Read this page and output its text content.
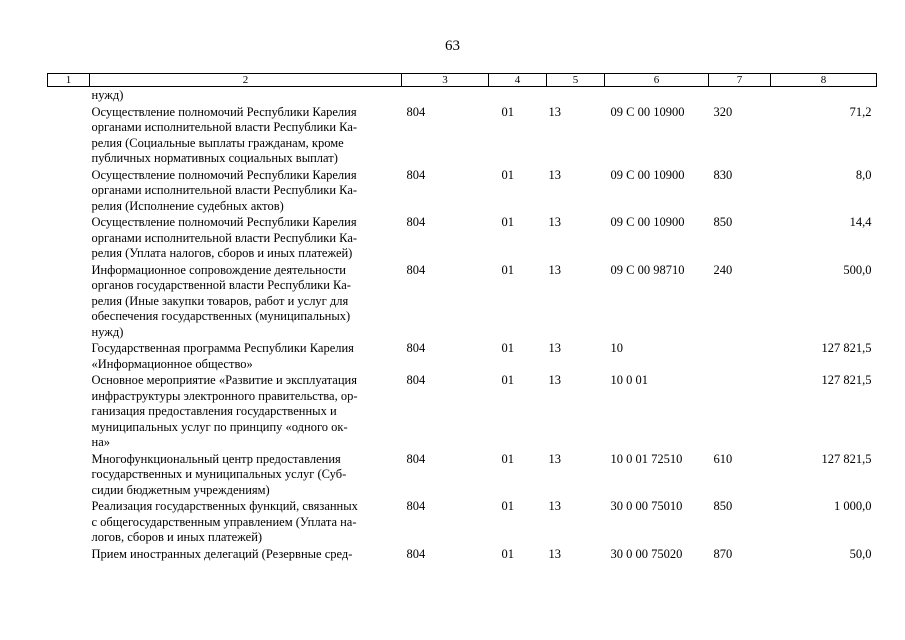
63
1	2	3	4	5	6	7	8

	нужд)						

	Осуществление полномочий Республики Карелия
органами исполнительной власти Республики Ка-
релия (Социальные выплаты гражданам, кроме
публичных нормативных социальных выплат)	804	01	13	09 С 00 10900	320	71,2

	Осуществление полномочий Республики Карелия
органами исполнительной власти Республики Ка-
релия (Исполнение судебных актов)	804	01	13	09 С 00 10900	830	8,0

	Осуществление полномочий Республики Карелия
органами исполнительной власти Республики Ка-
релия (Уплата налогов, сборов и иных платежей)	804	01	13	09 С 00 10900	850	14,4

	Информационное сопровождение деятельности
органов государственной власти Республики Ка-
релия (Иные закупки товаров, работ и услуг для
обеспечения государственных (муниципальных)
нужд)	804	01	13	09 С 00 98710	240	500,0

	Государственная программа Республики Карелия
«Информационное общество»	804	01	13	10		127 821,5

	Основное мероприятие «Развитие и эксплуатация
инфраструктуры электронного правительства, ор-
ганизация предоставления государственных и
муниципальных услуг по принципу «одного ок-
на»	804	01	13	10 0 01		127 821,5

	Многофункциональный центр предоставления
государственных и муниципальных услуг (Суб-
сидии бюджетным учреждениям)	804	01	13	10 0 01 72510	610	127 821,5

	Реализация государственных функций, связанных
с общегосударственным управлением (Уплата на-
логов, сборов и иных платежей)	804	01	13	30 0 00 75010	850	1 000,0

	Прием иностранных делегаций (Резервные сред-	804	01	13	30 0 00 75020	870	50,0
